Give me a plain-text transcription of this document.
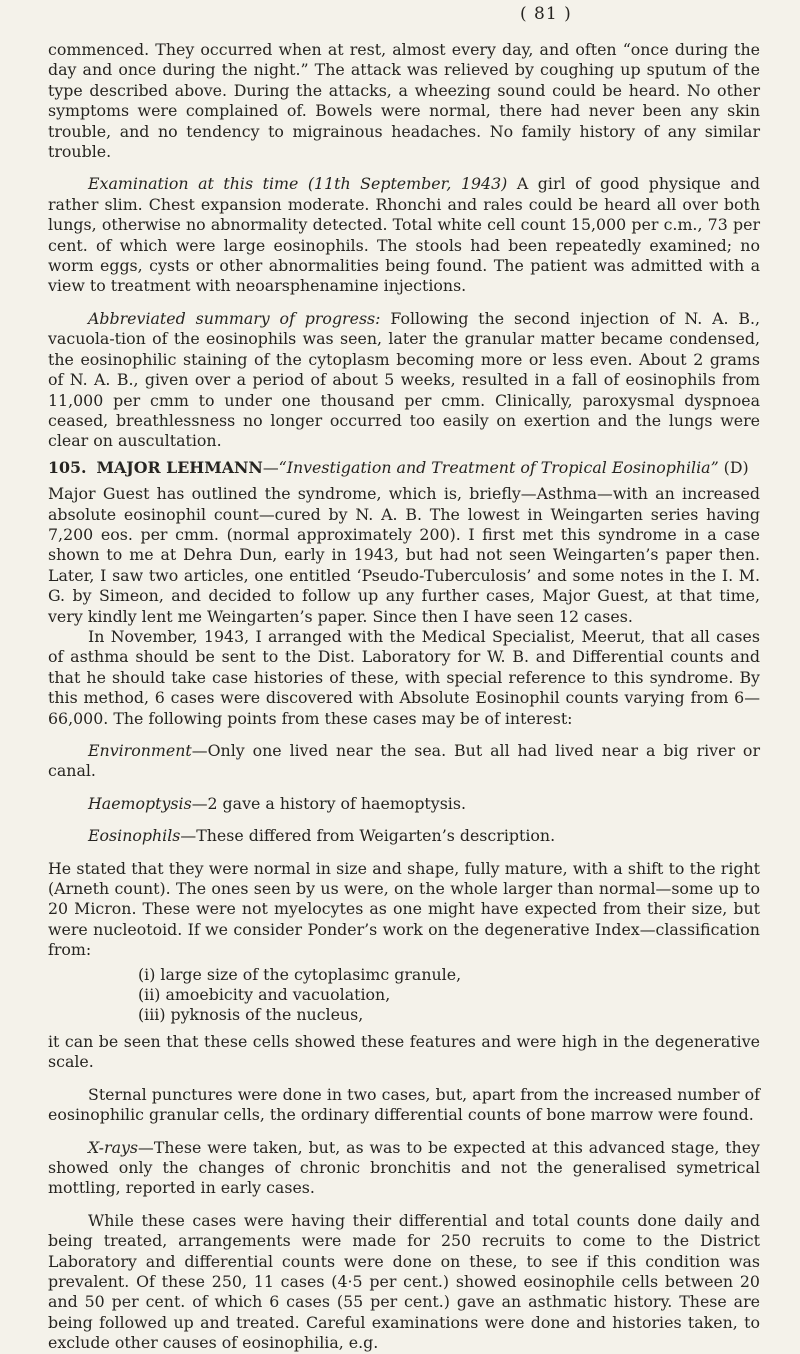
( 81 )

commenced. They occurred when at rest, almost every day, and often “once during the day and once during the night.” The attack was relieved by coughing up sputum of the type described above. During the attacks, a wheezing sound could be heard. No other symptoms were complained of. Bowels were normal, there had never been any skin trouble, and no tendency to migrainous headaches. No family history of any similar trouble.

Examination at this time (11th September, 1943) A girl of good physique and rather slim. Chest expansion moderate. Rhonchi and rales could be heard all over both lungs, otherwise no abnormality detected. Total white cell count 15,000 per c.m., 73 per cent. of which were large eosinophils. The stools had been repeatedly examined; no worm eggs, cysts or other abnormalities being found. The patient was admitted with a view to treatment with neoarsphenamine injections.

Abbreviated summary of progress: Following the second injection of N. A. B., vacuola-tion of the eosinophils was seen, later the granular matter became condensed, the eosinophilic staining of the cytoplasm becoming more or less even. About 2 grams of N. A. B., given over a period of about 5 weeks, resulted in a fall of eosinophils from 11,000 per cmm to under one thousand per cmm. Clinically, paroxysmal dyspnoea ceased, breathlessness no longer occurred too easily on exertion and the lungs were clear on auscultation.

105. MAJOR LEHMANN—“Investigation and Treatment of Tropical Eosinophilia” (D)

Major Guest has outlined the syndrome, which is, briefly—Asthma—with an increased absolute eosinophil count—cured by N. A. B. The lowest in Weingarten series having 7,200 eos. per cmm. (normal approximately 200). I first met this syndrome in a case shown to me at Dehra Dun, early in 1943, but had not seen Weingarten’s paper then. Later, I saw two articles, one entitled ‘Pseudo-Tuberculosis’ and some notes in the I. M. G. by Simeon, and decided to follow up any further cases, Major Guest, at that time, very kindly lent me Weingarten’s paper. Since then I have seen 12 cases.

In November, 1943, I arranged with the Medical Specialist, Meerut, that all cases of asthma should be sent to the Dist. Laboratory for W. B. and Differential counts and that he should take case histories of these, with special reference to this syndrome. By this method, 6 cases were discovered with Absolute Eosinophil counts varying from 6—66,000. The following points from these cases may be of interest:

Environment—Only one lived near the sea. But all had lived near a big river or canal.

Haemoptysis—2 gave a history of haemoptysis.

Eosinophils—These differed from Weigarten’s description.

He stated that they were normal in size and shape, fully mature, with a shift to the right (Arneth count). The ones seen by us were, on the whole larger than normal—some up to 20 Micron. These were not myelocytes as one might have expected from their size, but were nucleotoid. If we consider Ponder’s work on the degenerative Index—classification from:

(i) large size of the cytoplasimc granule,
(ii) amoebicity and vacuolation,
(iii) pyknosis of the nucleus,

it can be seen that these cells showed these features and were high in the degenerative scale.

Sternal punctures were done in two cases, but, apart from the increased number of eosinophilic granular cells, the ordinary differential counts of bone marrow were found.

X-rays—These were taken, but, as was to be expected at this advanced stage, they showed only the changes of chronic bronchitis and not the generalised symetrical mottling, reported in early cases.

While these cases were having their differential and total counts done daily and being treated, arrangements were made for 250 recruits to come to the District Laboratory and differential counts were done on these, to see if this condition was prevalent. Of these 250, 11 cases (4·5 per cent.) showed eosinophile cells between 20 and 50 per cent. of which 6 cases (55 per cent.) gave an asthmatic history. These are being followed up and treated. Careful examinations were done and histories taken, to exclude other causes of eosinophilia, e.g.
